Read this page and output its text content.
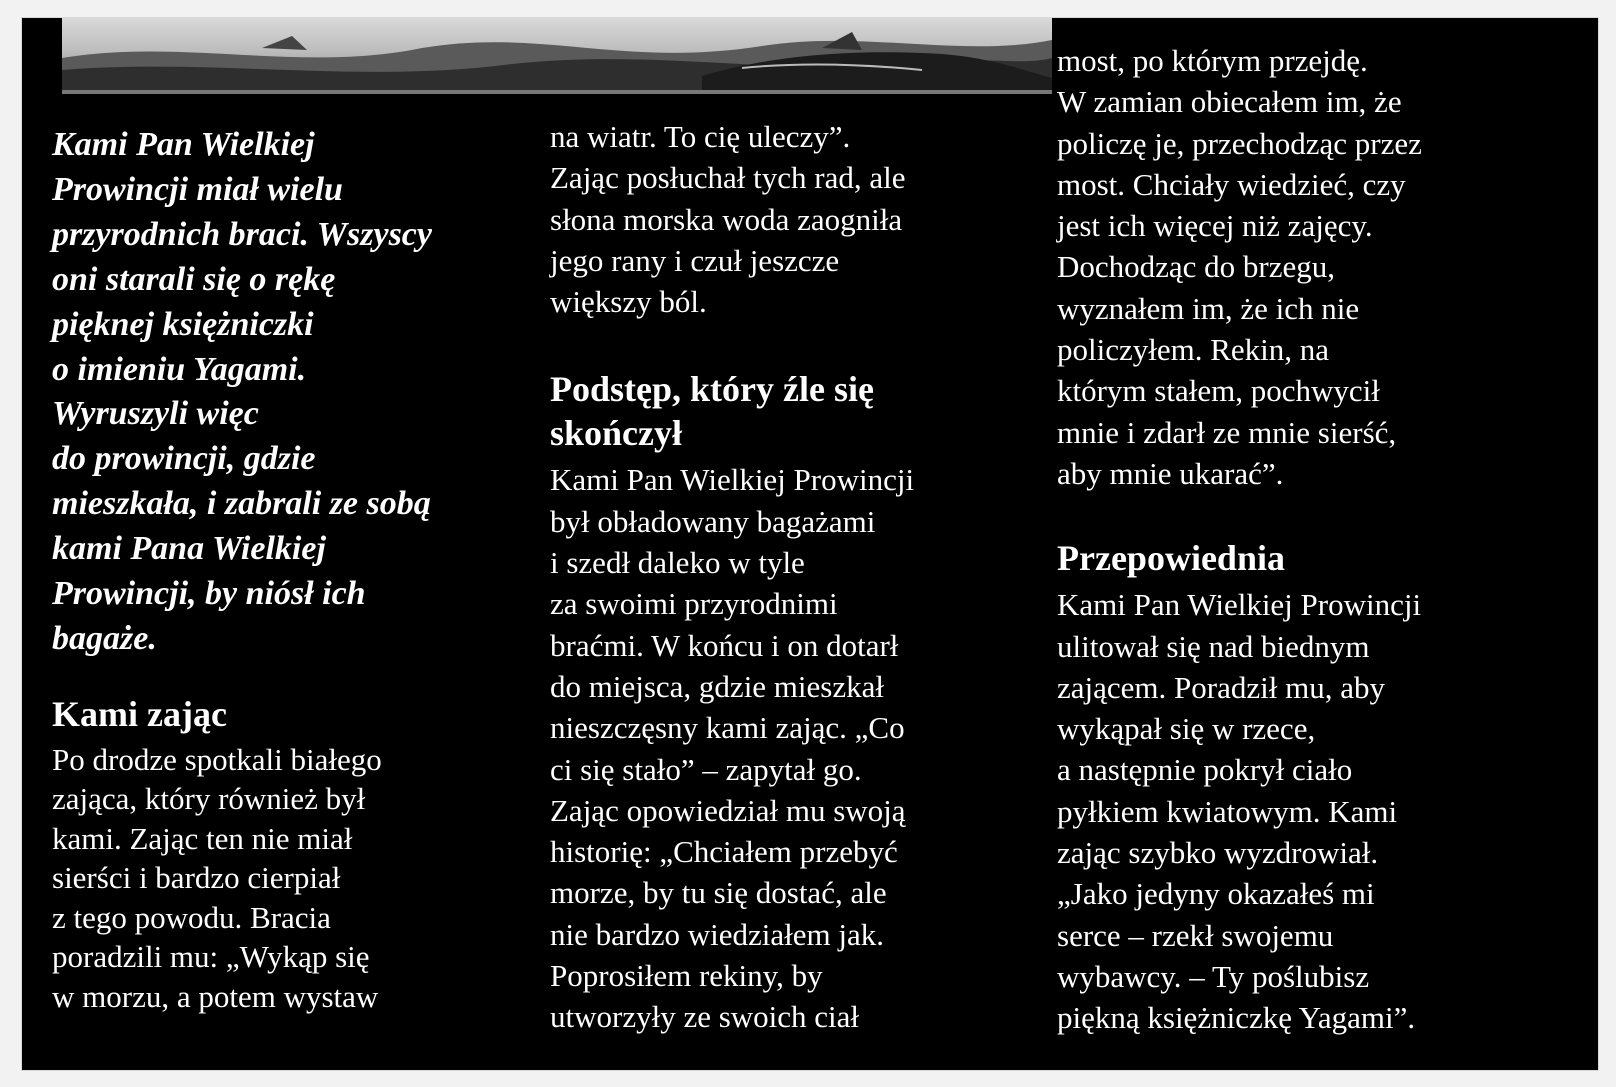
Kami Pan Wielkiej
Prowincji miał wielu
przyrodnich braci. Wszyscy
oni starali się o rękę
pięknej księżniczki
o imieniu Yagami.
Wyruszyli więc
do prowincji, gdzie
mieszkała, i zabrali ze sobą
kami Pana Wielkiej
Prowincji, by niósł ich
bagaże.

Kami zając

Po drodze spotkali białego
zająca, który również był
kami. Zając ten nie miał
sierści i bardzo cierpiał
z tego powodu. Bracia
poradzili mu: „Wykąp się
w morzu, a potem wystaw

na wiatr. To cię uleczy”.
Zając posłuchał tych rad, ale
słona morska woda zaogniła
jego rany i czuł jeszcze
większy ból.

Podstęp, który źle się
skończył

Kami Pan Wielkiej Prowincji
był obładowany bagażami
i szedł daleko w tyle
za swoimi przyrodnimi
braćmi. W końcu i on dotarł
do miejsca, gdzie mieszkał
nieszczęsny kami zając. „Co
ci się stało” – zapytał go.
Zając opowiedział mu swoją
historię: „Chciałem przebyć
morze, by tu się dostać, ale
nie bardzo wiedziałem jak.
Poprosiłem rekiny, by
utworzyły ze swoich ciał

most, po którym przejdę.
W zamian obiecałem im, że
policzę je, przechodząc przez
most. Chciały wiedzieć, czy
jest ich więcej niż zajęcy.
Dochodząc do brzegu,
wyznałem im, że ich nie
policzyłem. Rekin, na
którym stałem, pochwycił
mnie i zdarł ze mnie sierść,
aby mnie ukarać”.

Przepowiednia

Kami Pan Wielkiej Prowincji
ulitował się nad biednym
zającem. Poradził mu, aby
wykąpał się w rzece,
a następnie pokrył ciało
pyłkiem kwiatowym. Kami
zając szybko wyzdrowiał.
„Jako jedyny okazałeś mi
serce – rzekł swojemu
wybawcy. – Ty poślubisz
piękną księżniczkę Yagami”.
